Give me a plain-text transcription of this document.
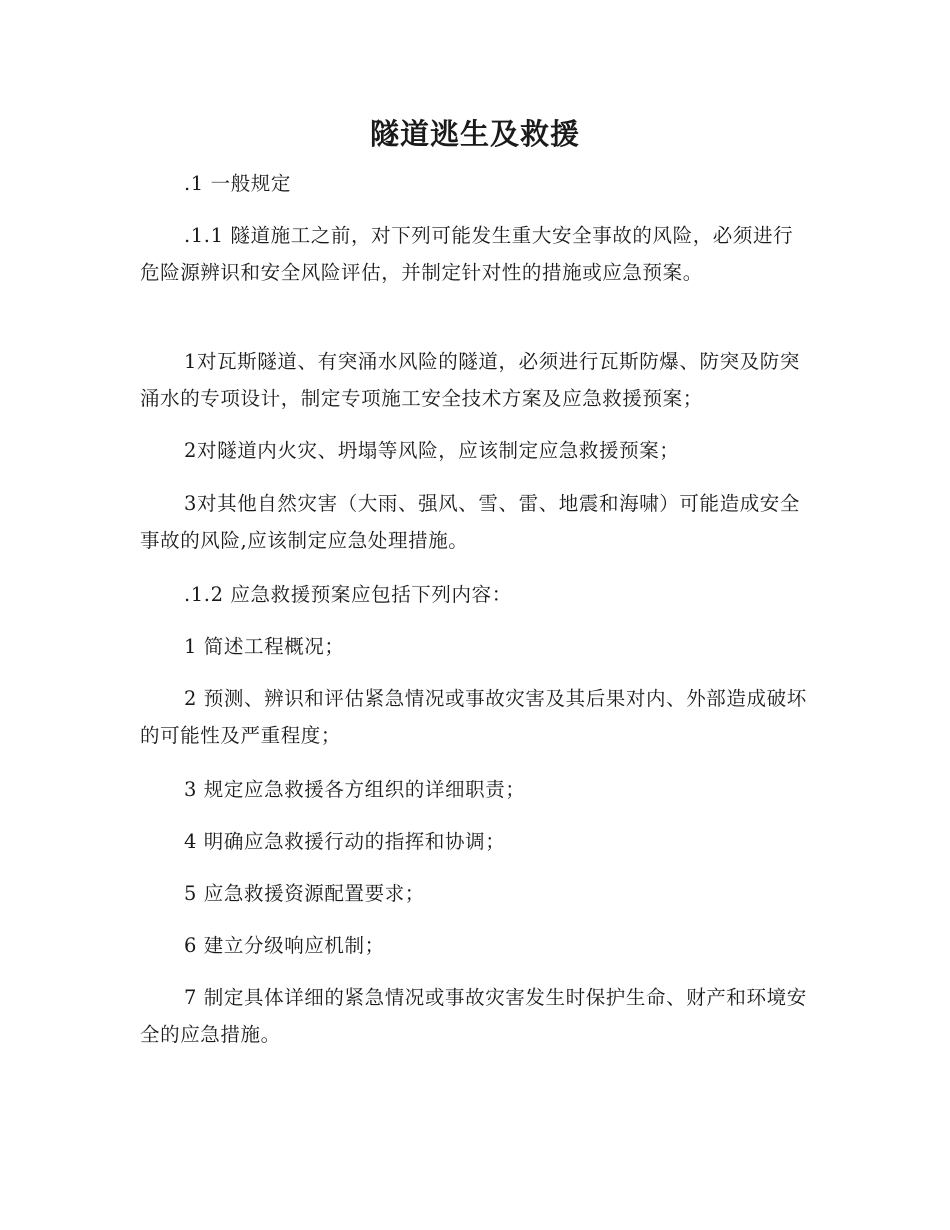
隧道逃生及救援

.1 一般规定

.1.1 隧道施工之前，对下列可能发生重大安全事故的风险，必须进行危险源辨识和安全风险评估，并制定针对性的措施或应急预案。

1对瓦斯隧道、有突涌水风险的隧道，必须进行瓦斯防爆、防突及防突涌水的专项设计，制定专项施工安全技术方案及应急救援预案；

2对隧道内火灾、坍塌等风险，应该制定应急救援预案；

3对其他自然灾害（大雨、强风、雪、雷、地震和海啸）可能造成安全事故的风险,应该制定应急处理措施。

.1.2 应急救援预案应包括下列内容：

1 简述工程概况；

2 预测、辨识和评估紧急情况或事故灾害及其后果对内、外部造成破坏的可能性及严重程度；

3 规定应急救援各方组织的详细职责；

4 明确应急救援行动的指挥和协调；

5 应急救援资源配置要求；

6 建立分级响应机制；

7 制定具体详细的紧急情况或事故灾害发生时保护生命、财产和环境安全的应急措施。
